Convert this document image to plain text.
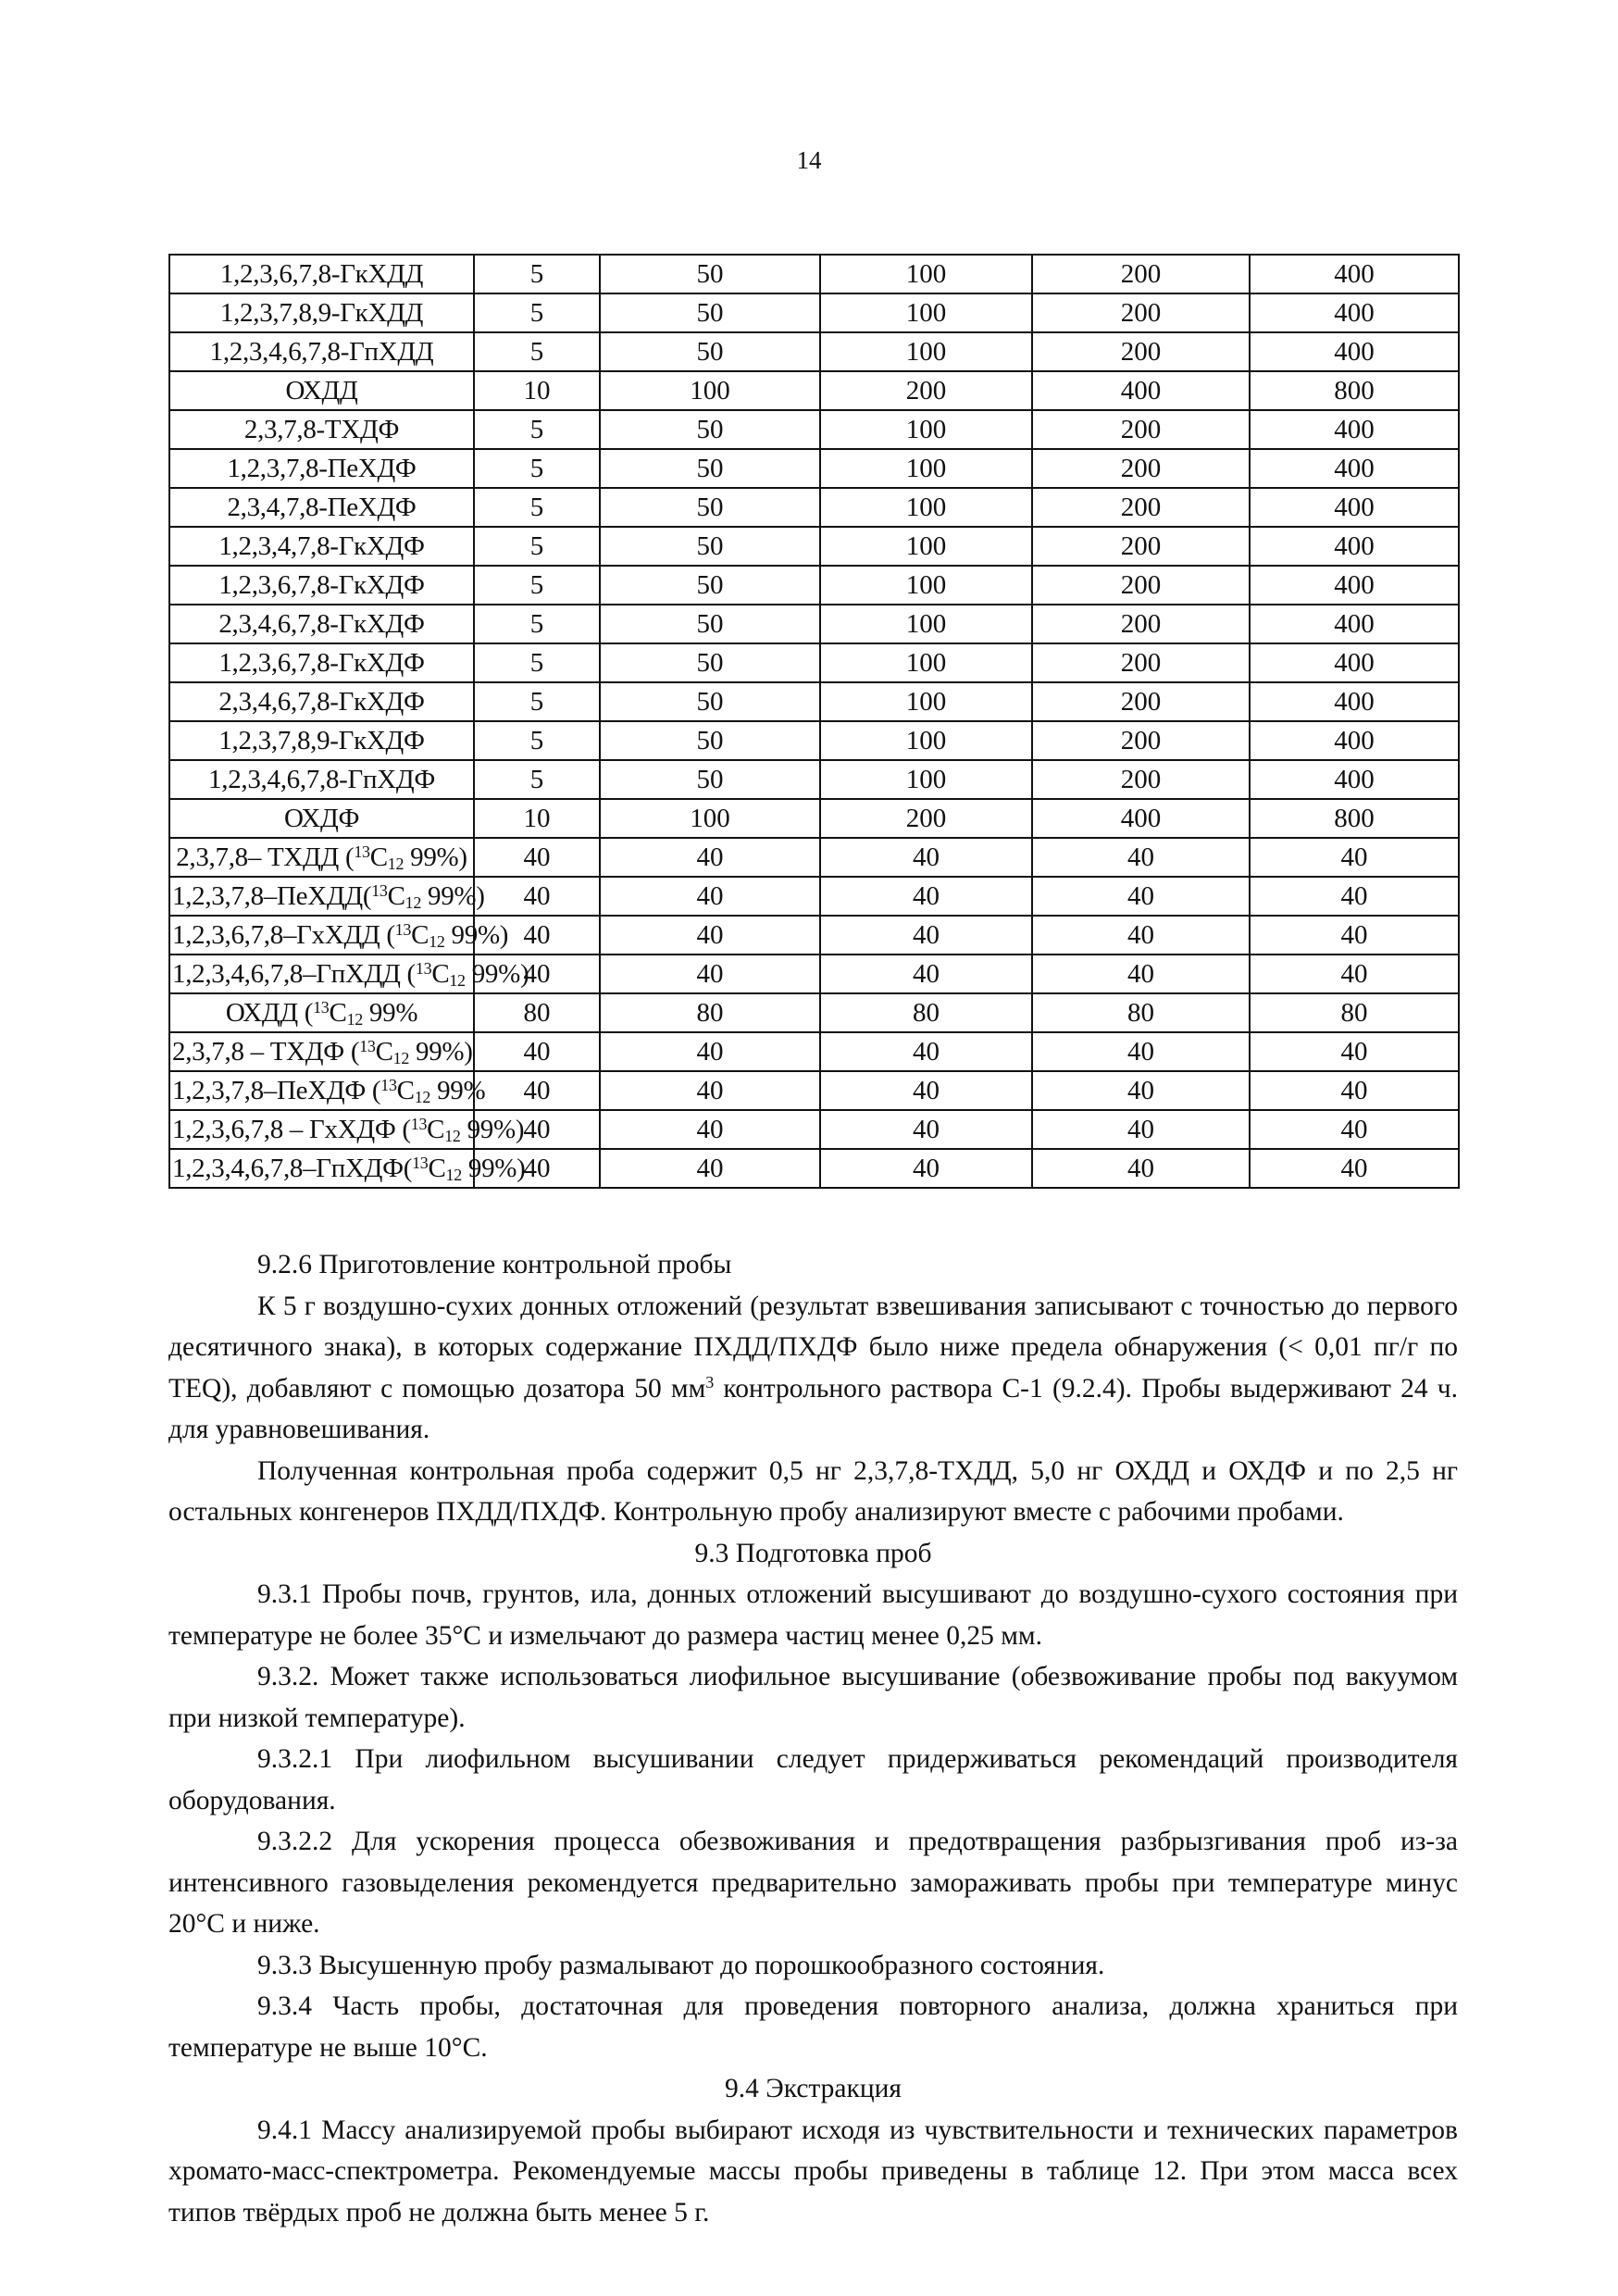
14
1,2,3,6,7,8-ГкХДД	5	50	100	200	400
1,2,3,7,8,9-ГкХДД	5	50	100	200	400
1,2,3,4,6,7,8-ГпХДД	5	50	100	200	400
ОХДД	10	100	200	400	800
2,3,7,8-ТХДФ	5	50	100	200	400
1,2,3,7,8-ПеХДФ	5	50	100	200	400
2,3,4,7,8-ПеХДФ	5	50	100	200	400
1,2,3,4,7,8-ГкХДФ	5	50	100	200	400
1,2,3,6,7,8-ГкХДФ	5	50	100	200	400
2,3,4,6,7,8-ГкХДФ	5	50	100	200	400
1,2,3,6,7,8-ГкХДФ	5	50	100	200	400
2,3,4,6,7,8-ГкХДФ	5	50	100	200	400
1,2,3,7,8,9-ГкХДФ	5	50	100	200	400
1,2,3,4,6,7,8-ГпХДФ	5	50	100	200	400
ОХДФ	10	100	200	400	800
2,3,7,8– ТХДД ($^{13}C_{12}$ 99%)	40	40	40	40	40
$1,2,3,7,8-ПеХДД(^{13}C_{12}$ 99%)	40	40	40	40	40
1,2,3,6,7,8–ГхХДД ($^{13}C_{12}$ 99%)	40	40	40	40	40
1,2,3,4,6,7,8–ГпХДД ($^{13}C_{12}$ 99%)	40	40	40	40	40
ОХДД ($^{13}C_{12}$ 99%	80	80	80	80	80
2,3,7,8 – ТХДФ ($^{13}C_{12}$ 99%)	40	40	40	40	40
1,2,3,7,8–ПеХДФ ($^{13}C_{12}$ 99%	40	40	40	40	40
1,2,3,6,7,8 – ГхХДФ ($^{13}C_{12}$ 99%)	40	40	40	40	40
$1,2,3,4,6,7,8-ГпХДФ(^{13}C_{12}$ 99%)	40	40	40	40	40

9.2.6 Приготовление контрольной пробы

К 5 г воздушно-сухих донных отложений (результат взвешивания записывают с точностью до первого десятичного знака), в которых содержание ПХДД/ПХДФ было ниже предела обнаружения (< 0,01 пг/г по TEQ), добавляют с помощью дозатора 50 $мм^3$ контрольного раствора С-1 (9.2.4). Пробы выдерживают 24 ч. для уравновешивания.

Полученная контрольная проба содержит 0,5 нг 2,3,7,8-ТХДД, 5,0 нг ОХДД и ОХДФ и по 2,5 нг остальных конгенеров ПХДД/ПХДФ. Контрольную пробу анализируют вместе с рабочими пробами.

9.3 Подготовка проб

9.3.1 Пробы почв, грунтов, ила, донных отложений высушивают до воздушно-сухого состояния при температуре не более 35°С и измельчают до размера частиц менее 0,25 мм.

9.3.2. Может также использоваться лиофильное высушивание (обезвоживание пробы под вакуумом при низкой температуре).

9.3.2.1 При лиофильном высушивании следует придерживаться рекомендаций производителя оборудования.

9.3.2.2 Для ускорения процесса обезвоживания и предотвращения разбрызгивания проб из-за интенсивного газовыделения рекомендуется предварительно замораживать пробы при температуре минус 20°С и ниже.

9.3.3 Высушенную пробу размалывают до порошкообразного состояния.

9.3.4 Часть пробы, достаточная для проведения повторного анализа, должна храниться при температуре не выше 10°С.

9.4 Экстракция

9.4.1 Массу анализируемой пробы выбирают исходя из чувствительности и технических параметров хромато-масс-спектрометра. Рекомендуемые массы пробы приведены в таблице 12. При этом масса всех типов твёрдых проб не должна быть менее 5 г.
